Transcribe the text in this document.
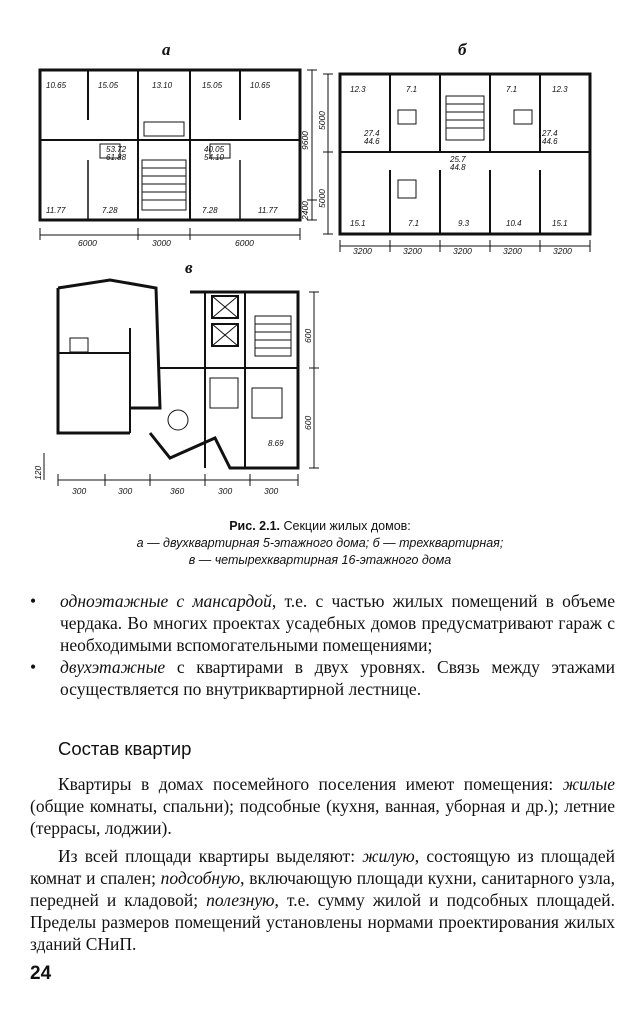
а
10.65	15.05	13.10	15.05	10.65
11.77	7.28	7.28	11.77
53.72
61.88
40.05
54.10
6000	3000	6000
9600
2400
б
12.3	7.1	7.1	12.3
15.1	7.1	9.3	10.4	15.1
27.4
44.6
25.7
44.8
27.4
44.6
3200	3200	3200	3200	3200
5000
5000
в
8.69
300	300	360	300	300
600
600
120
Рис. 2.1. Секции жилых домов:
а — двухквартирная 5-этажного дома; б — трехквартирная;
в — четырехквартирная 16-этажного дома

• одноэтажные с мансардой, т.е. с частью жилых помещений в объеме чердака. Во многих проектах усадебных домов предусматривают гараж с необходимыми вспомогательными помещениями;

• двухэтажные с квартирами в двух уровнях. Связь между этажами осуществляется по внутриквартирной лестнице.

Состав квартир

Квартиры в домах посемейного поселения имеют помещения: жилые (общие комнаты, спальни); подсобные (кухня, ванная, уборная и др.); летние (террасы, лоджии).

Из всей площади квартиры выделяют: жилую, состоящую из площадей комнат и спален; подсобную, включающую площади кухни, санитарного узла, передней и кладовой; полезную, т.е. сумму жилой и подсобных площадей. Пределы размеров помещений установлены нормами проектирования жилых зданий СНиП.

24
